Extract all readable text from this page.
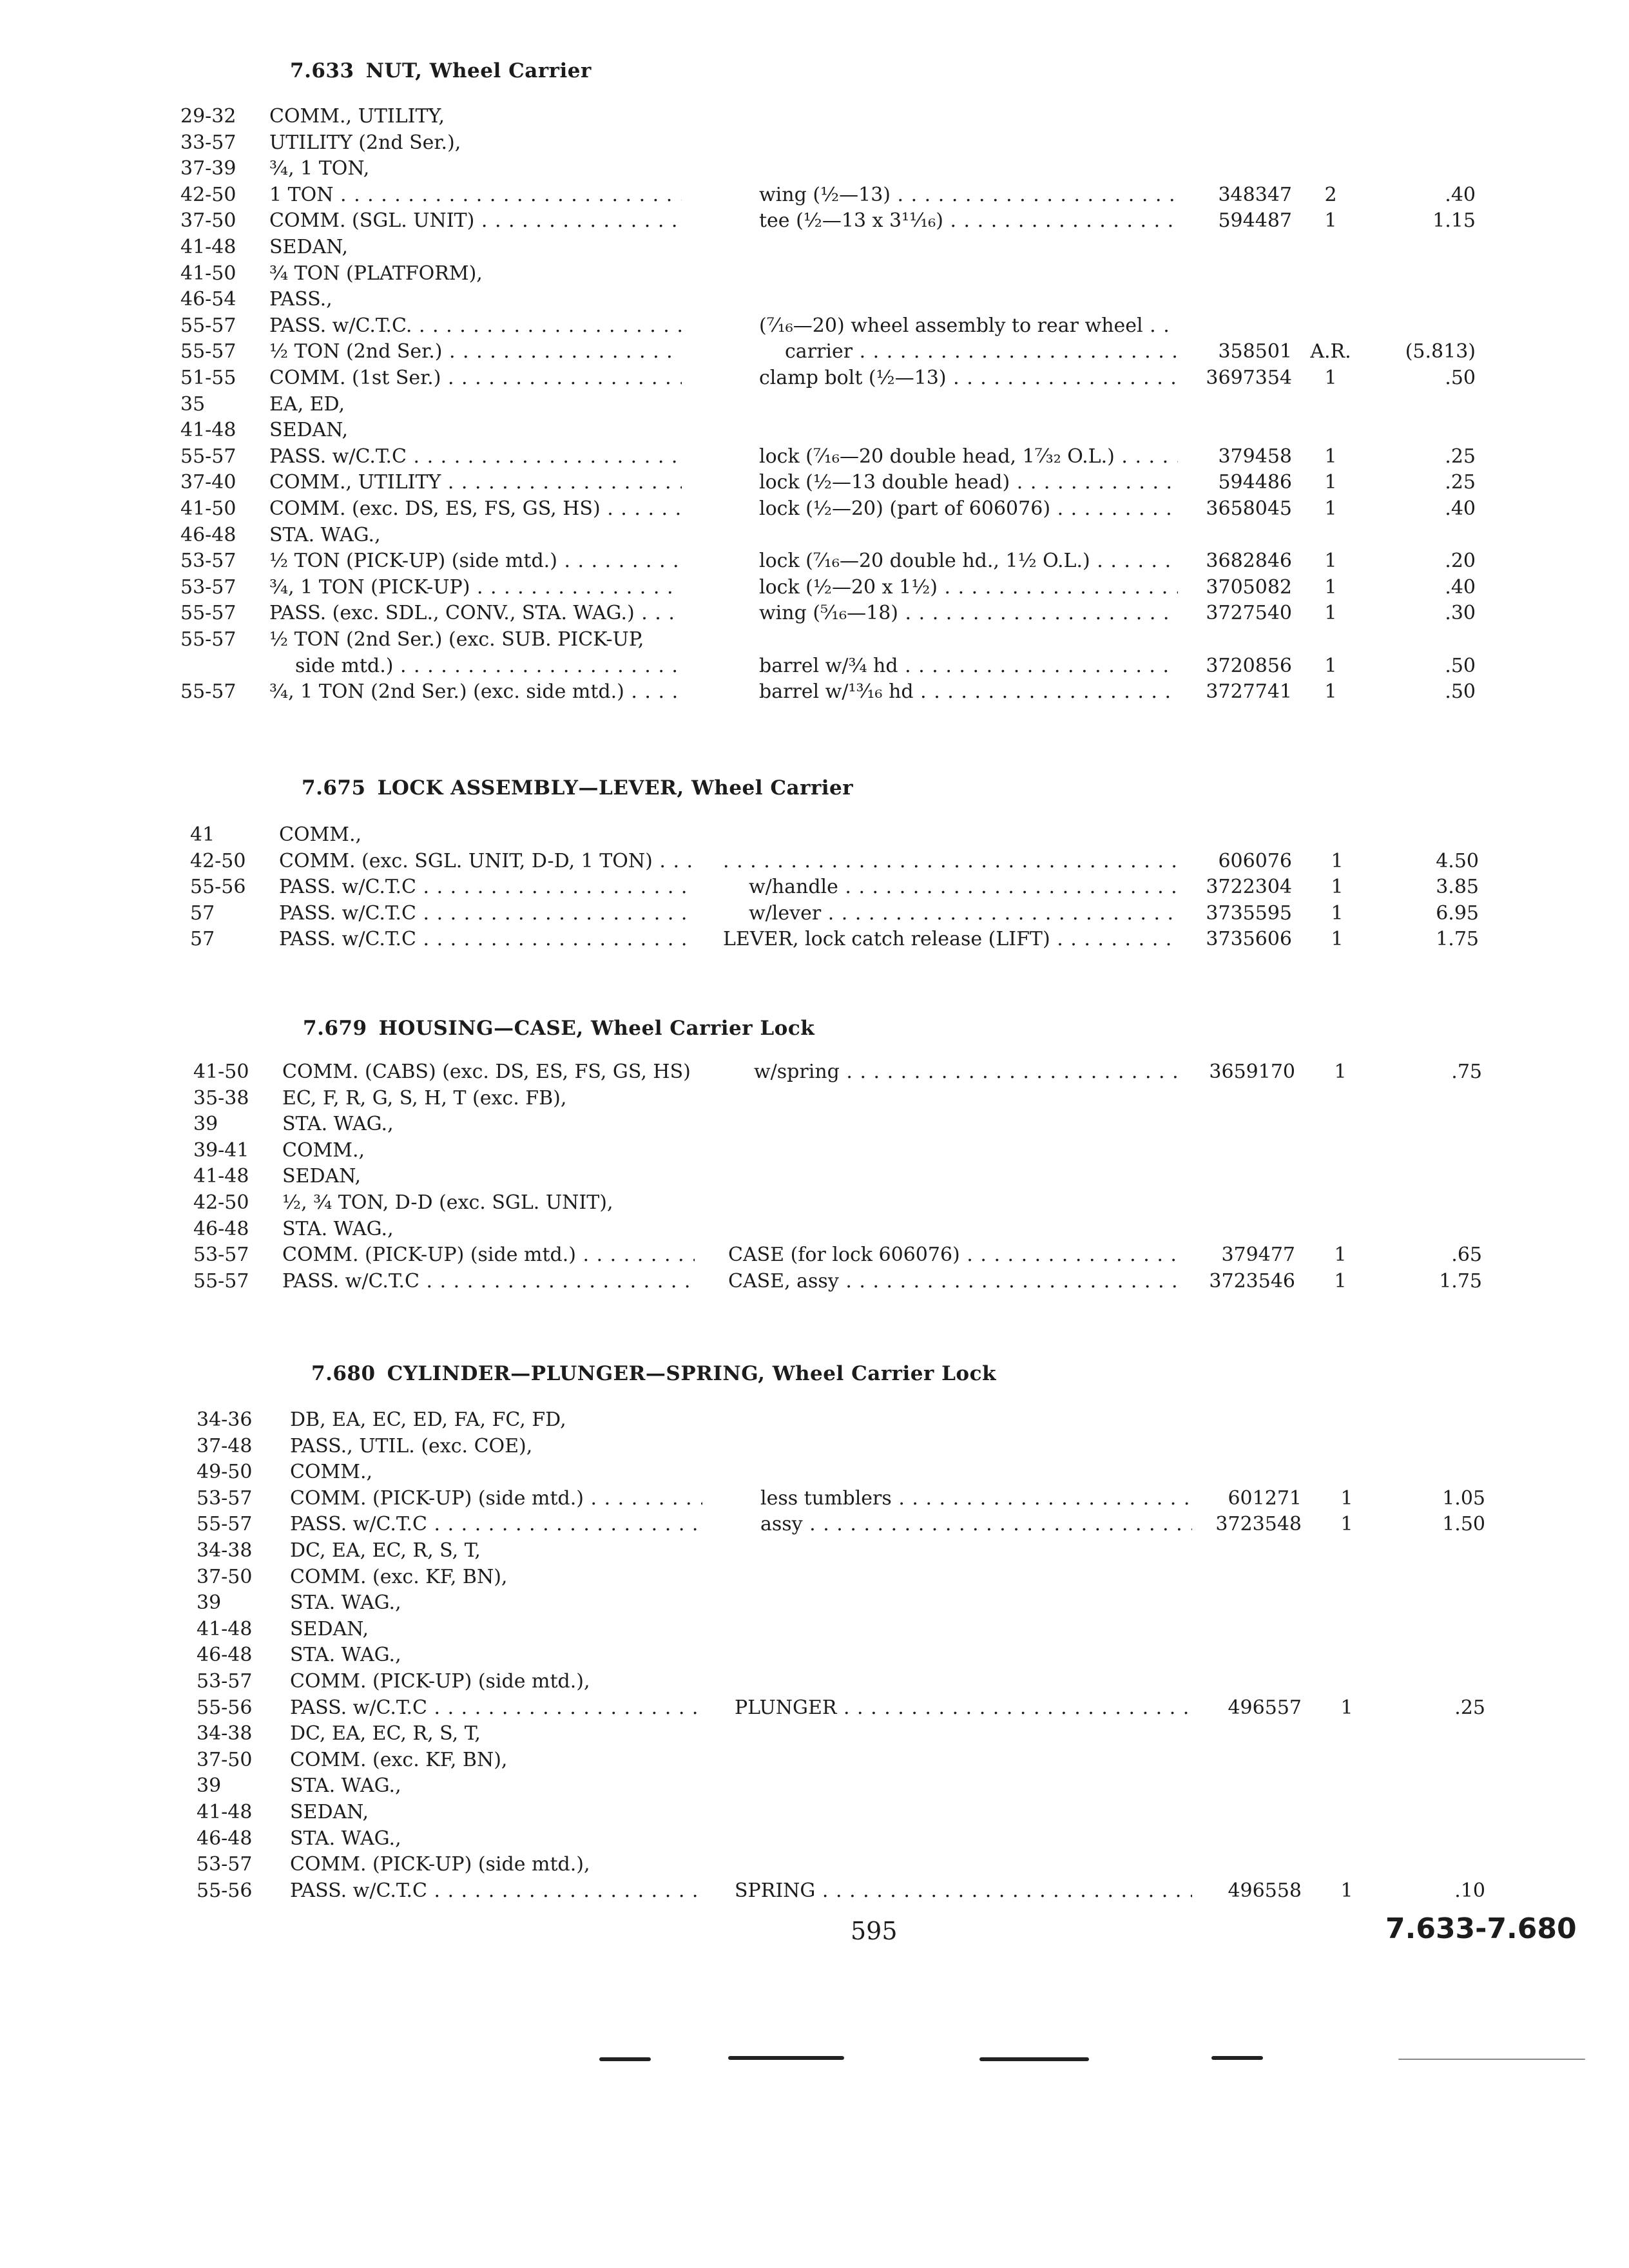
7.633 NUT, Wheel Carrier
29-32 COMM., UTILITY,
33-57 UTILITY (2nd Ser.),
37-39 ¾, 1 TON,
42-50 1 TON . . .	wing (½—13) . . .	348347	2	.40
37-50 COMM. (SGL. UNIT) . . .	tee (½—13 x 3¹¹⁄₁₆) . . .	594487	1	1.15
41-48 SEDAN,
41-50 ¾ TON (PLATFORM),
46-54 PASS.,
55-57 PASS. w/C.T.C. . . .	(⁷⁄₁₆—20) wheel assembly to rear wheel . . .
55-57 ½ TON (2nd Ser.) . . .	carrier . . .	358501 A.R.	(5.813)
51-55 COMM. (1st Ser.) . . .	clamp bolt (½—13) . . .	3697354	1	.50
35	EA, ED,
41-48 SEDAN,
55-57 PASS. w/C.T.C . . .	lock (⁷⁄₁₆—20 double head, 1⁷⁄₃₂ O.L.) . . .	379458	1	.25
37-40 COMM., UTILITY . . .	lock (½—13 double head) . . .	594486	1	.25
41-50 COMM. (exc. DS, ES, FS, GS, HS) . . .	lock (½—20) (part of 606076) . . .	3658045	1	.40
46-48 STA. WAG.,
53-57 ½ TON (PICK-UP) (side mtd.) . . .	lock (⁷⁄₁₆—20 double hd., 1½ O.L.) . . .	3682846	1	.20
53-57 ¾, 1 TON (PICK-UP) . . .	lock (½—20 x 1½) . . .	3705082	1	.40
55-57 PASS. (exc. SDL., CONV., STA. WAG.) . . .	wing (⁵⁄₁₆—18) . . .	3727540	1	.30
55-57 ½ TON (2nd Ser.) (exc. SUB. PICK-UP,
side mtd.) . . .	barrel w/¾ hd . . .	3720856	1	.50
55-57 ¾, 1 TON (2nd Ser.) (exc. side mtd.) . . .	barrel w/¹³⁄₁₆ hd . . .	3727741	1	.50
7.675 LOCK ASSEMBLY—LEVER, Wheel Carrier
41	COMM.,
42-50 COMM. (exc. SGL. UNIT, D-D, 1 TON) . . .
. . .	606076	1	4.50
55-56 PASS. w/C.T.C . . .	w/handle . . .	3722304	1	3.85
57	PASS. w/C.T.C . . .	w/lever . . .	3735595	1	6.95
57	PASS. w/C.T.C . . .	LEVER, lock catch release (LIFT) . . .	3735606	1	1.75
7.679 HOUSING—CASE, Wheel Carrier Lock
41-50 COMM. (CABS) (exc. DS, ES, FS, GS, HS) . . .	w/spring . . .	3659170	1	.75
35-38 EC, F, R, G, S, H, T (exc. FB),
39	STA. WAG.,
39-41 COMM.,
41-48 SEDAN,
42-50 ½, ¾ TON, D-D (exc. SGL. UNIT),
46-48 STA. WAG.,
53-57 COMM. (PICK-UP) (side mtd.) . . .	CASE (for lock 606076) . . .	379477	1	.65
55-57 PASS. w/C.T.C . . .	CASE, assy . . .	3723546	1	1.75
7.680 CYLINDER—PLUNGER—SPRING, Wheel Carrier Lock
34-36 DB, EA, EC, ED, FA, FC, FD,
37-48 PASS., UTIL. (exc. COE),
49-50 COMM.,
53-57 COMM. (PICK-UP) (side mtd.) . . .	less tumblers . . .	601271	1	1.05
55-57 PASS. w/C.T.C . . .	assy . . .	3723548	1	1.50
34-38 DC, EA, EC, R, S, T,
37-50 COMM. (exc. KF, BN),
39	STA. WAG.,
41-48 SEDAN,
46-48 STA. WAG.,
53-57 COMM. (PICK-UP) (side mtd.),
55-56 PASS. w/C.T.C . . .	PLUNGER . . .	496557	1	.25
34-38 DC, EA, EC, R, S, T,
37-50 COMM. (exc. KF, BN),
39	STA. WAG.,
41-48 SEDAN,
46-48 STA. WAG.,
53-57 COMM. (PICK-UP) (side mtd.),
55-56 PASS. w/C.T.C . . .	SPRING . . .	496558	1	.10
595	7.633-7.680
